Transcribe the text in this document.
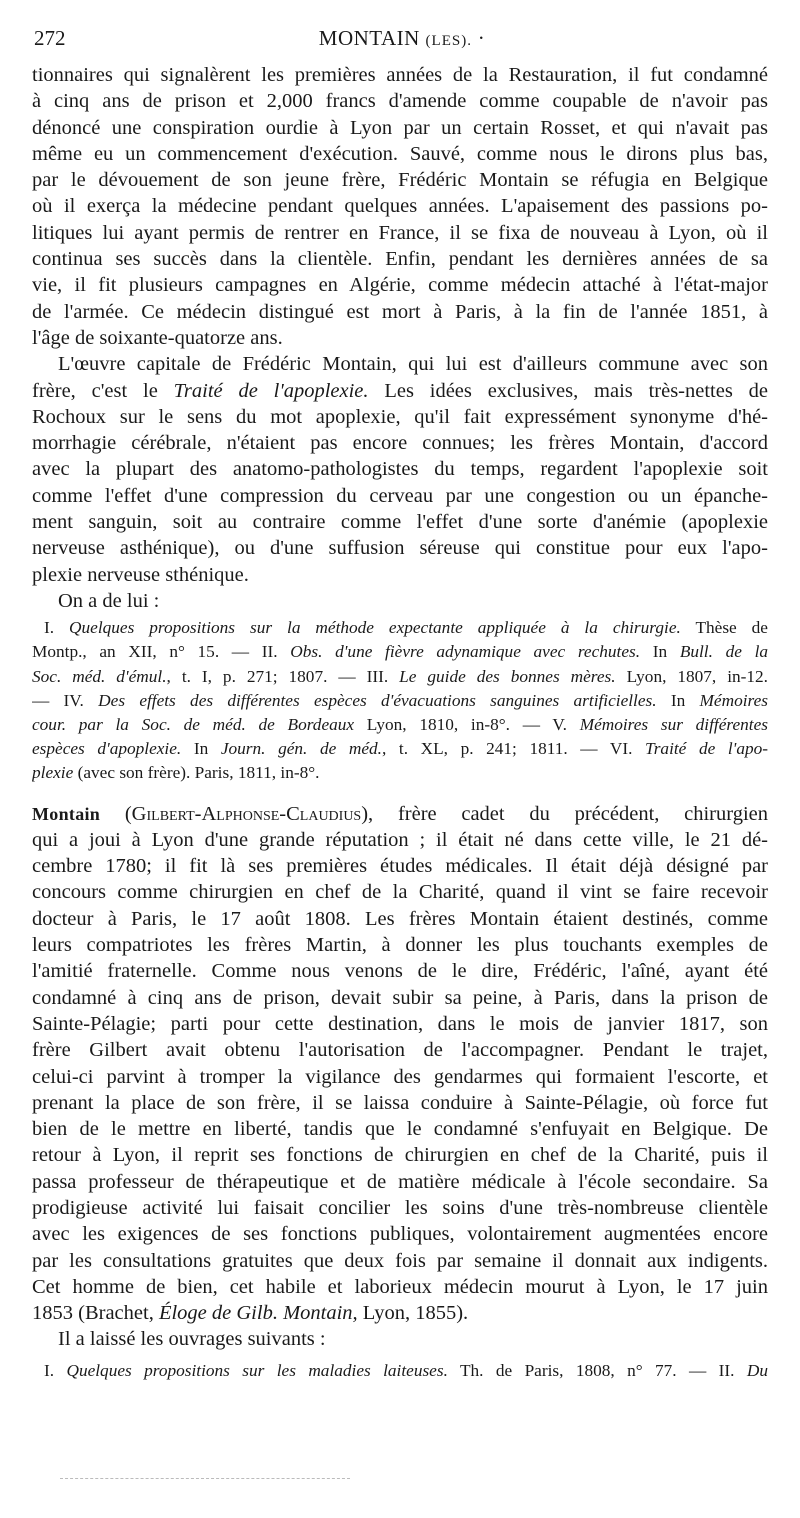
272	MONTAIN (LES). ·
tionnaires qui signalèrent les premières années de la Restauration, il fut condamné
à cinq ans de prison et 2,000 francs d'amende comme coupable de n'avoir pas
dénoncé une conspiration ourdie à Lyon par un certain Rosset, et qui n'avait pas
même eu un commencement d'exécution. Sauvé, comme nous le dirons plus bas,
par le dévouement de son jeune frère, Frédéric Montain se réfugia en Belgique
où il exerça la médecine pendant quelques années. L'apaisement des passions po-
litiques lui ayant permis de rentrer en France, il se fixa de nouveau à Lyon, où il
continua ses succès dans la clientèle. Enfin, pendant les dernières années de sa
vie, il fit plusieurs campagnes en Algérie, comme médecin attaché à l'état-major
de l'armée. Ce médecin distingué est mort à Paris, à la fin de l'année 1851, à
l'âge de soixante-quatorze ans.
L'œuvre capitale de Frédéric Montain, qui lui est d'ailleurs commune avec son
frère, c'est le Traité de l'apoplexie. Les idées exclusives, mais très-nettes de
Rochoux sur le sens du mot apoplexie, qu'il fait expressément synonyme d'hé-
morrhagie cérébrale, n'étaient pas encore connues; les frères Montain, d'accord
avec la plupart des anatomo-pathologistes du temps, regardent l'apoplexie soit
comme l'effet d'une compression du cerveau par une congestion ou un épanche-
ment sanguin, soit au contraire comme l'effet d'une sorte d'anémie (apoplexie
nerveuse asthénique), ou d'une suffusion séreuse qui constitue pour eux l'apo-
plexie nerveuse sthénique.
On a de lui :
I. Quelques propositions sur la méthode expectante appliquée à la chirurgie. Thèse de
Montp., an XII, n° 15. — II. Obs. d'une fièvre adynamique avec rechutes. In Bull. de la
Soc. méd. d'émul., t. I, p. 271; 1807. — III. Le guide des bonnes mères. Lyon, 1807, in-12.
— IV. Des effets des différentes espèces d'évacuations sanguines artificielles. In Mémoires
cour. par la Soc. de méd. de Bordeaux Lyon, 1810, in-8°. — V. Mémoires sur différentes
espèces d'apoplexie. In Journ. gén. de méd., t. XL, p. 241; 1811. — VI. Traité de l'apo-
plexie (avec son frère). Paris, 1811, in-8°.
Montain (Gilbert-Alphonse-Claudius), frère cadet du précédent, chirurgien
qui a joui à Lyon d'une grande réputation ; il était né dans cette ville, le 21 dé-
cembre 1780; il fit là ses premières études médicales. Il était déjà désigné par
concours comme chirurgien en chef de la Charité, quand il vint se faire recevoir
docteur à Paris, le 17 août 1808. Les frères Montain étaient destinés, comme
leurs compatriotes les frères Martin, à donner les plus touchants exemples de
l'amitié fraternelle. Comme nous venons de le dire, Frédéric, l'aîné, ayant été
condamné à cinq ans de prison, devait subir sa peine, à Paris, dans la prison de
Sainte-Pélagie; parti pour cette destination, dans le mois de janvier 1817, son
frère Gilbert avait obtenu l'autorisation de l'accompagner. Pendant le trajet,
celui-ci parvint à tromper la vigilance des gendarmes qui formaient l'escorte, et
prenant la place de son frère, il se laissa conduire à Sainte-Pélagie, où force fut
bien de le mettre en liberté, tandis que le condamné s'enfuyait en Belgique. De
retour à Lyon, il reprit ses fonctions de chirurgien en chef de la Charité, puis il
passa professeur de thérapeutique et de matière médicale à l'école secondaire. Sa
prodigieuse activité lui faisait concilier les soins d'une très-nombreuse clientèle
avec les exigences de ses fonctions publiques, volontairement augmentées encore
par les consultations gratuites que deux fois par semaine il donnait aux indigents.
Cet homme de bien, cet habile et laborieux médecin mourut à Lyon, le 17 juin
1853 (Brachet, Éloge de Gilb. Montain, Lyon, 1855).
Il a laissé les ouvrages suivants :
I. Quelques propositions sur les maladies laiteuses. Th. de Paris, 1808, n° 77. — II. Du
